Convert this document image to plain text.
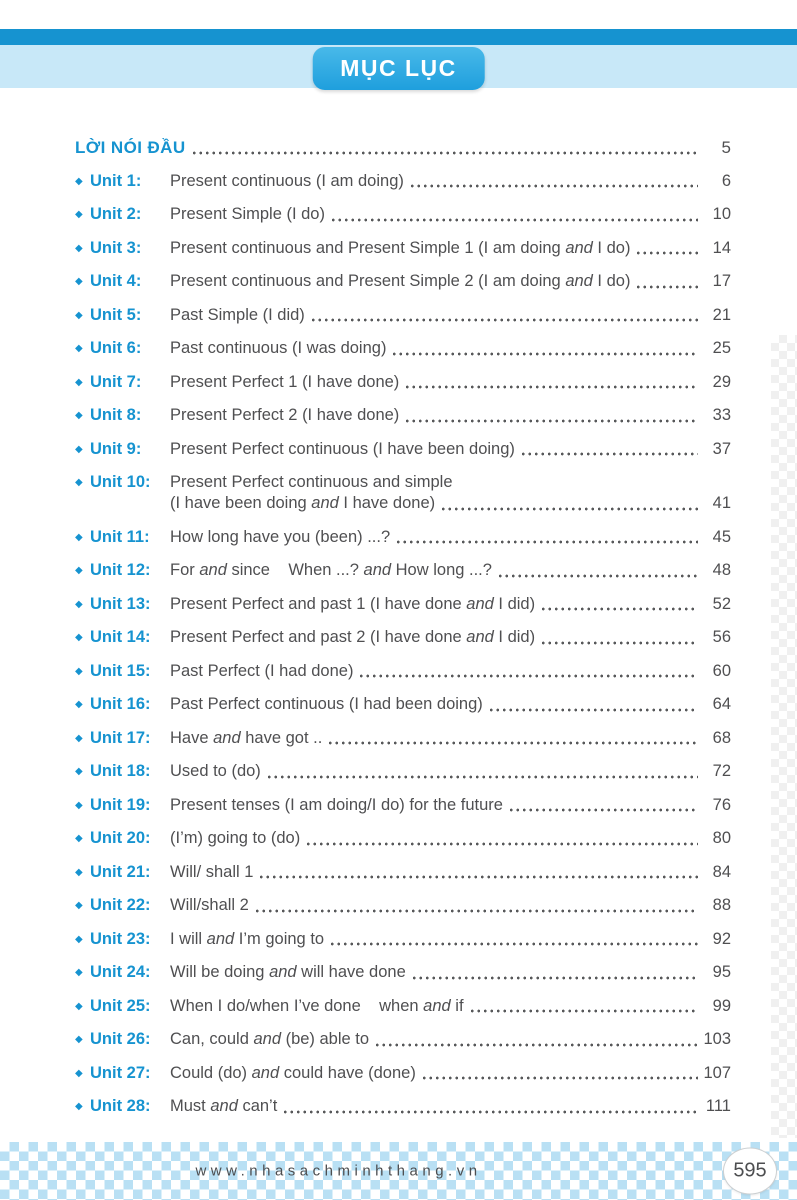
MỤC LỤC
LỜI NÓI ĐẦU	5
◆ Unit 1:	Present continuous (I am doing)	6
◆ Unit 2:	Present Simple (I do)	10
◆ Unit 3:	Present continuous and Present Simple 1 (I am doing and I do)	14
◆ Unit 4:	Present continuous and Present Simple 2 (I am doing and I do)	17
◆ Unit 5:	Past Simple (I did)	21
◆ Unit 6:	Past continuous (I was doing)	25
◆ Unit 7:	Present Perfect 1 (I have done)	29
◆ Unit 8:	Present Perfect 2 (I have done)	33
◆ Unit 9:	Present Perfect continuous (I have been doing)	37
◆ Unit 10:	Present Perfect continuous and simple
(I have been doing and I have done)	41
◆ Unit 11:	How long have you (been) ...?	45
◆ Unit 12:	For and since    When ...? and How long ...?	48
◆ Unit 13:	Present Perfect and past 1 (I have done and I did)	52
◆ Unit 14:	Present Perfect and past 2 (I have done and I did)	56
◆ Unit 15:	Past Perfect (I had done)	60
◆ Unit 16:	Past Perfect continuous (I had been doing)	64
◆ Unit 17:	Have and have got ..	68
◆ Unit 18:	Used to (do)	72
◆ Unit 19:	Present tenses (I am doing/I do) for the future	76
◆ Unit 20:	(I’m) going to (do)	80
◆ Unit 21:	Will/ shall 1	84
◆ Unit 22:	Will/shall 2	88
◆ Unit 23:	I will and I’m going to	92
◆ Unit 24:	Will be doing and will have done	95
◆ Unit 25:	When I do/when I’ve done    when and if	99
◆ Unit 26:	Can, could and (be) able to	103
◆ Unit 27:	Could (do) and could have (done)	107
◆ Unit 28:	Must and can’t	111
www.nhasachminhthang.vn	595
